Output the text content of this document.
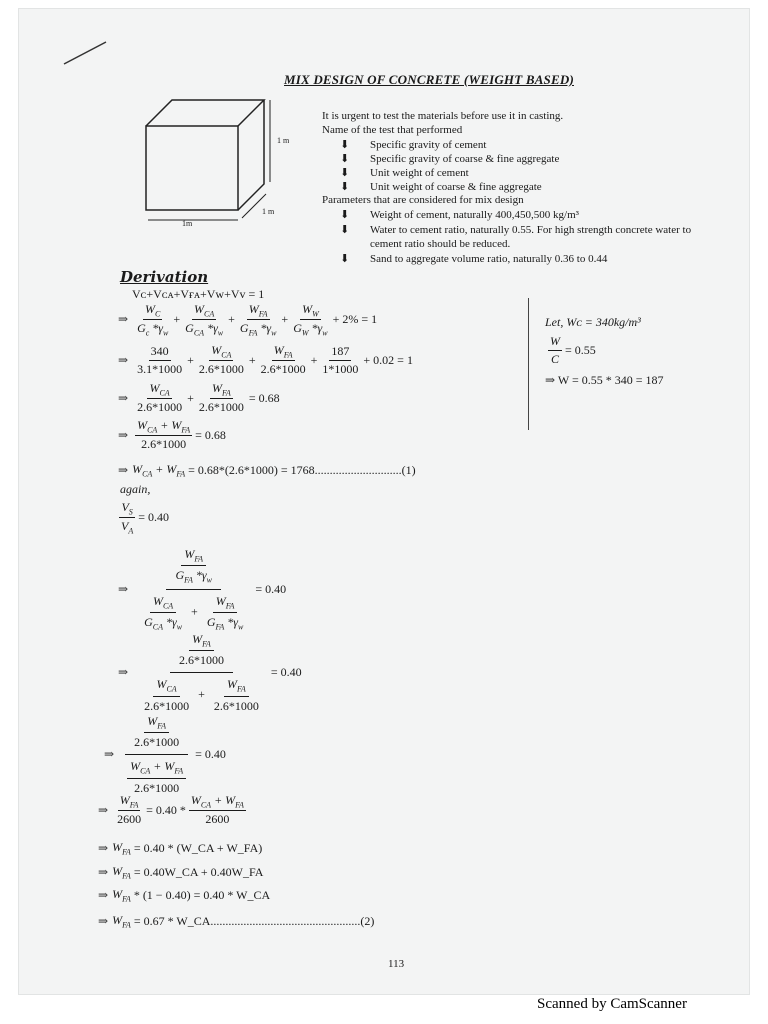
MIX DESIGN OF CONCRETE (WEIGHT BASED)
1 m
1m
1 m
It is urgent to test the materials before use it in casting.
Name of the test that performed
⬇ Specific gravity of cement
⬇ Specific gravity of coarse & fine aggregate
⬇ Unit weight of cement
⬇ Unit weight of coarse & fine aggregate
Parameters that are considered for mix design
⬇ Weight of cement, naturally 400,450,500 kg/m³
⬇	Water to cement ratio, naturally 0.55. For high strength concrete water to cement ratio should be reduced.
⬇ Sand to aggregate volume ratio, naturally 0.36 to 0.44
Derivation
Vᴄ+Vᴄᴀ+Vғᴀ+Vᴡ+Vᴠ = 1
⇒ $\frac{W_C}{G_c *\gamma_w} + \frac{W_{CA}}{G_{CA} *\gamma_w} + \frac{W_{FA}}{G_{FA} *\gamma_w} + \frac{W_W}{G_W *\gamma_w} + 2\% = 1$
⇒ $\frac{340}{3.1*1000} + \frac{W_{CA}}{2.6*1000} + \frac{W_{FA}}{2.6*1000} + \frac{187}{1*1000} + 0.02 = 1$
⇒ $\frac{W_{CA}}{2.6*1000} + \frac{W_{FA}}{2.6*1000} = 0.68$
⇒ $\frac{W_{CA} + W_{FA}}{2.6*1000} = 0.68$
⇒ $W_{CA} + W_{FA}$
= 0.68*(2.6*1000) = 1768.............................(1)
again,
$\frac{V_S}{V_A} = 0.40$
⇒ $\frac{\frac{W_{FA}}{G_{FA} *\gamma_w}}{\frac{W_{CA}}{G_{CA} *\gamma_w} + \frac{W_{FA}}{G_{FA} *\gamma_w}} = 0.40$
⇒ $\frac{\frac{W_{FA}}{2.6*1000}}{\frac{W_{CA}}{2.6*1000} + \frac{W_{FA}}{2.6*1000}} = 0.40$
⇒ $\frac{\frac{W_{FA}}{2.6*1000}}{\frac{W_{CA} + W_{FA}}{2.6*1000}} = 0.40$
⇒ $\frac{W_{FA}}{2600} = 0.40 * \frac{W_{CA} + W_{FA}}{2600}$
⇒ $W_{FA}$
= 0.40 * (W_CA + W_FA)
⇒ $W_{FA}$
= 0.40W_CA + 0.40W_FA
⇒ $W_{FA}$
* (1 − 0.40) = 0.40 * W_CA
⇒ $W_{FA}$
= 0.67 * W_CA..................................................(2)
Let, Wᴄ = 340kg/m³
$\frac{W}{C} = 0.55$
⇒ W = 0.55 * 340 = 187
113
Scanned by CamScanner
